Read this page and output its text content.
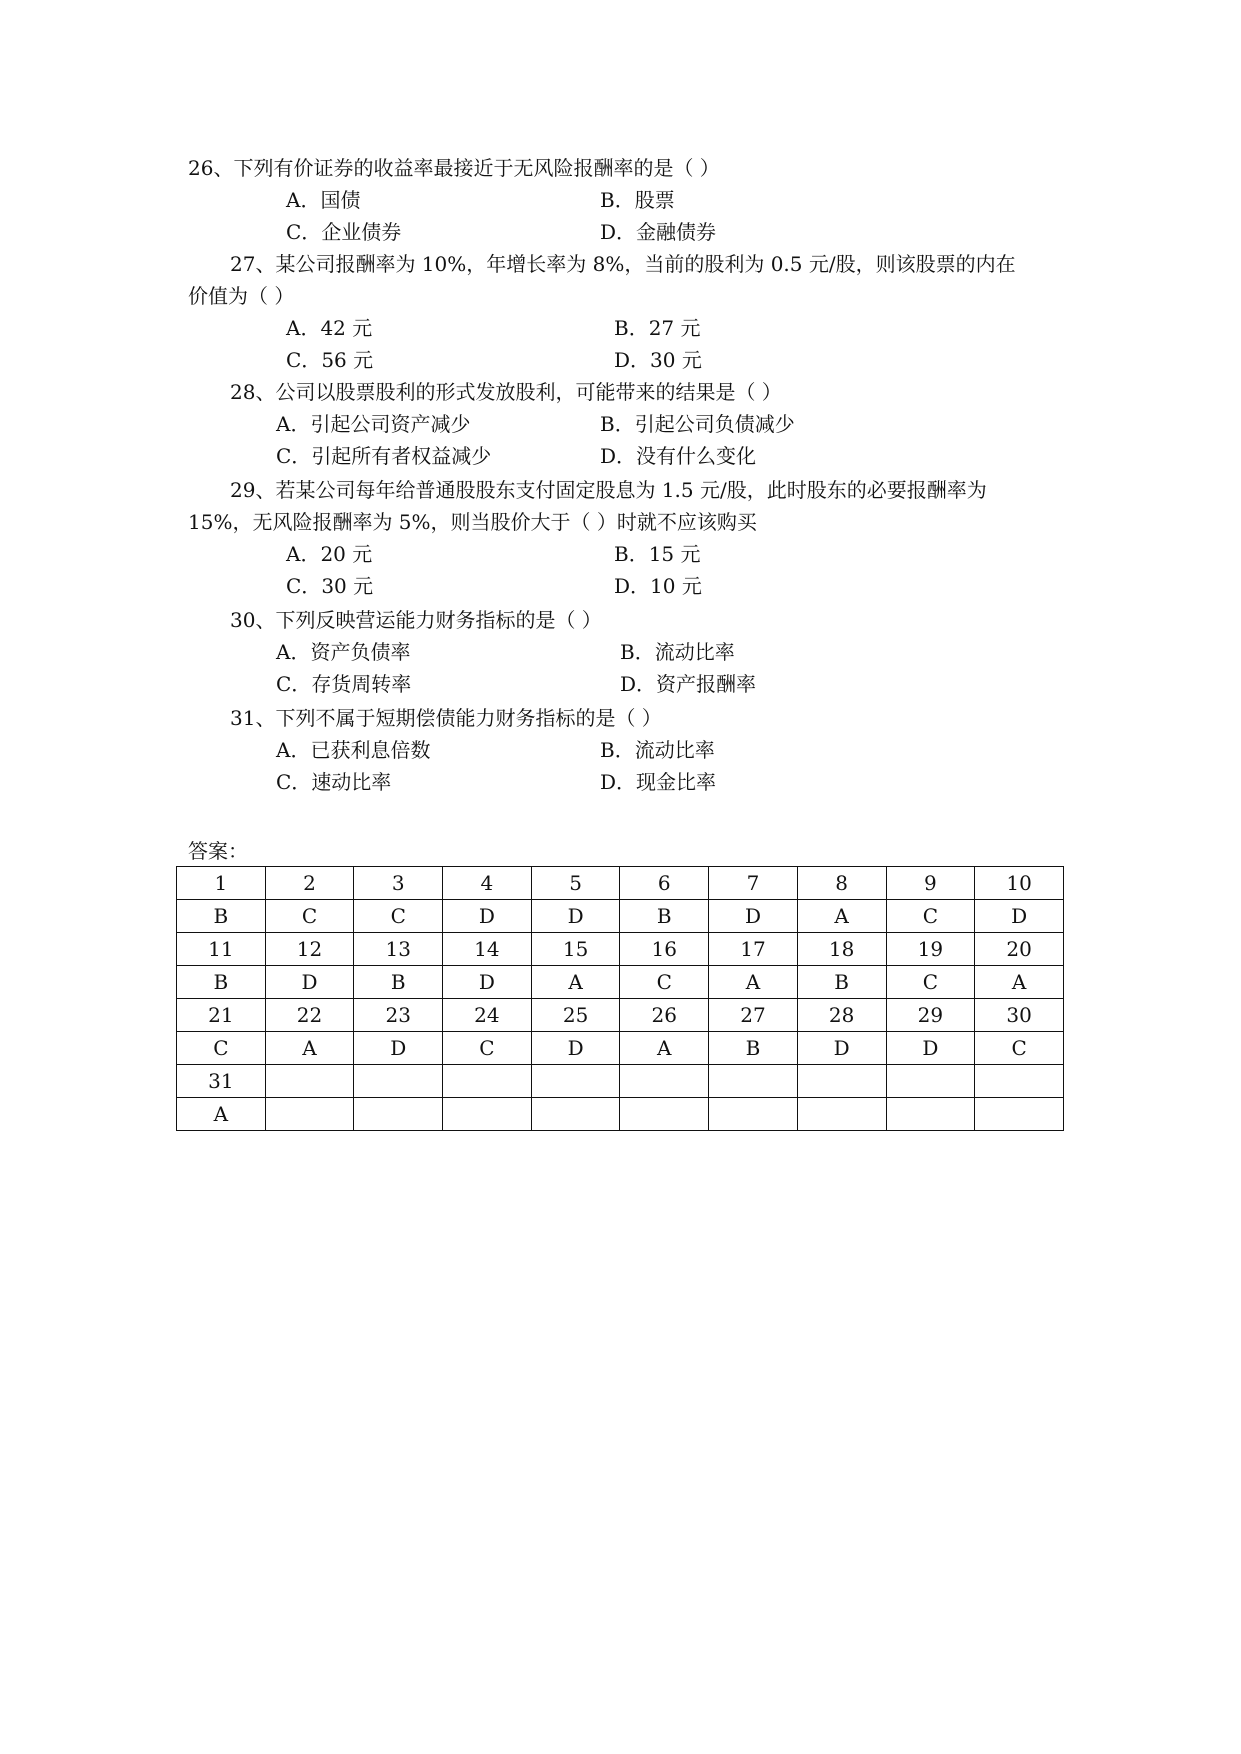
26、下列有价证券的收益率最接近于无风险报酬率的是（ ）
A．国债	B．股票
C．企业债券	D．金融债券
27、某公司报酬率为 10%，年增长率为 8%，当前的股利为 0.5 元/股，则该股票的内在
价值为（ ）
A．42 元	B．27 元
C．56 元	D．30 元
28、公司以股票股利的形式发放股利，可能带来的结果是（ ）
A．引起公司资产减少	B．引起公司负债减少
C．引起所有者权益减少	D．没有什么变化
29、若某公司每年给普通股股东支付固定股息为 1.5 元/股，此时股东的必要报酬率为
15%，无风险报酬率为 5%，则当股价大于（ ）时就不应该购买
A．20 元	B．15 元
C．30 元	D．10 元
30、下列反映营运能力财务指标的是（ ）
A．资产负债率	B．流动比率
C．存货周转率	D．资产报酬率
31、下列不属于短期偿债能力财务指标的是（ ）
A．已获利息倍数	B．流动比率
C．速动比率	D．现金比率
答案：
1	2	3	4	5	6	7	8	9	10
B	C	C	D	D	B	D	A	C	D
11	12	13	14	15	16	17	18	19	20
B	D	B	D	A	C	A	B	C	A
21	22	23	24	25	26	27	28	29	30
C	A	D	C	D	A	B	D	D	C
31									
A									
